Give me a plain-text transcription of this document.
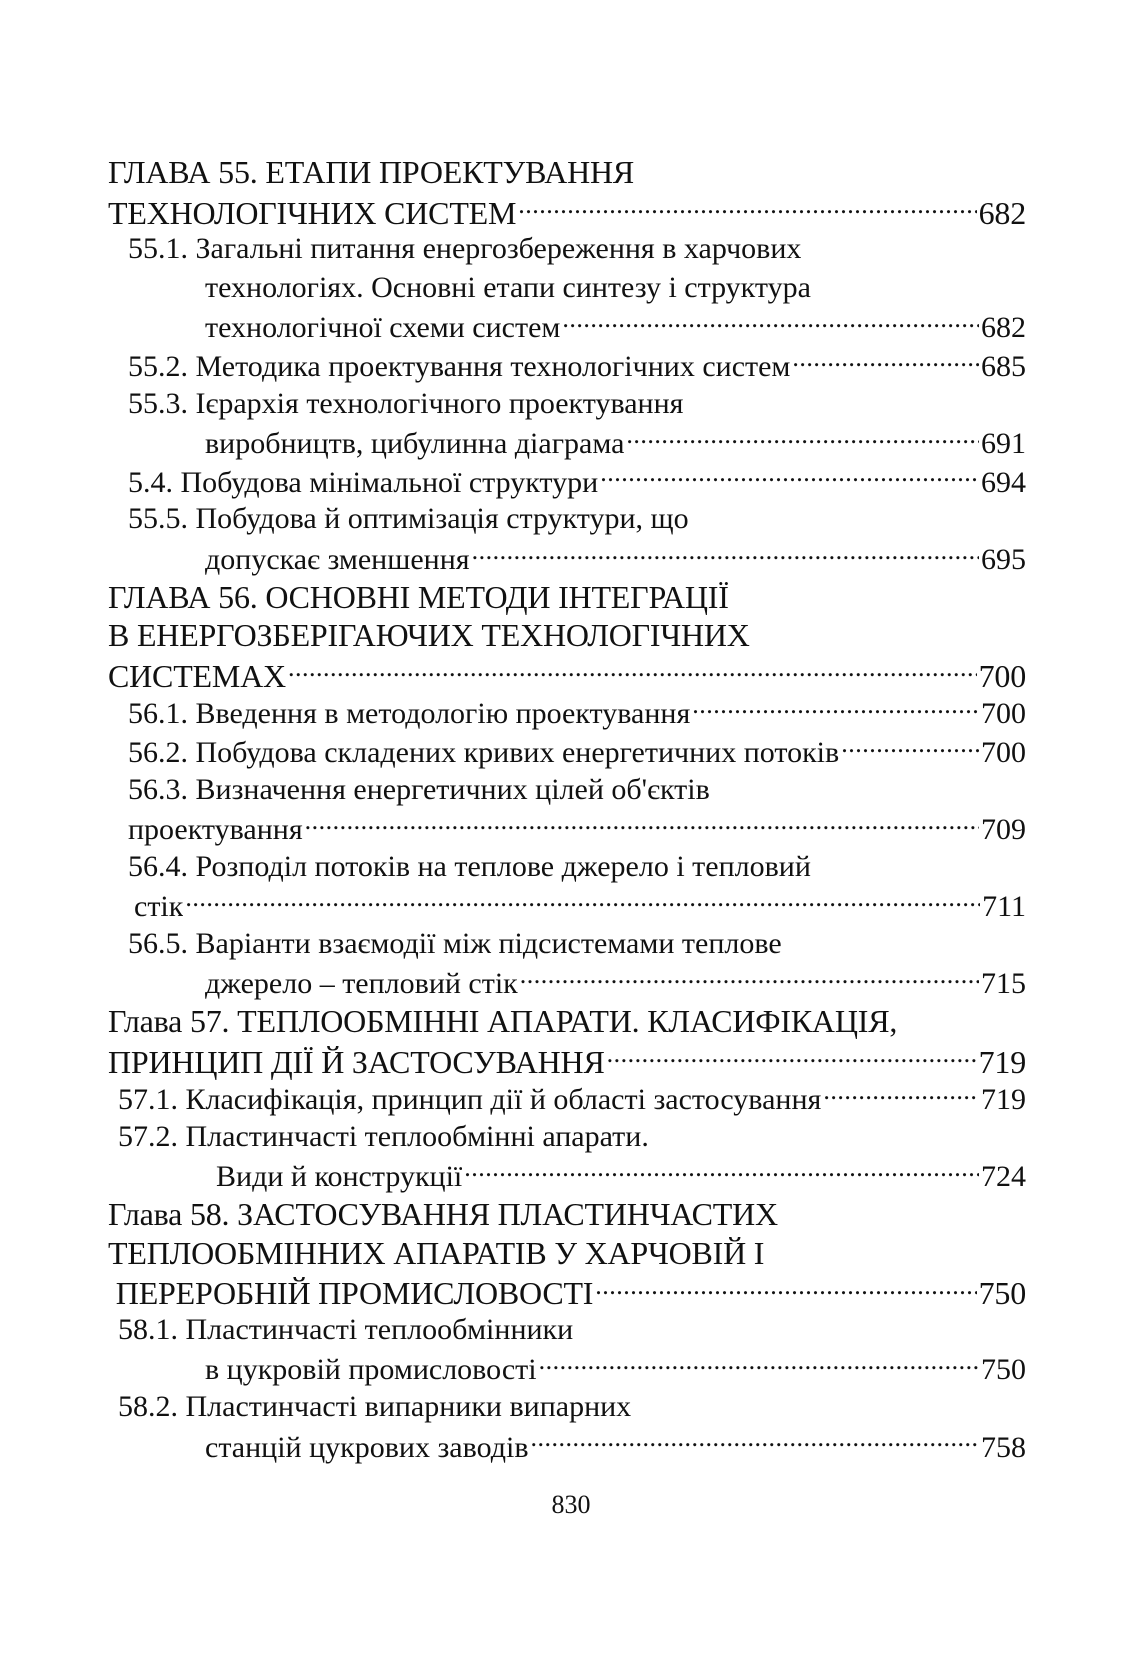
ГЛАВА 55. ЕТАПИ ПРОЕКТУВАННЯ
ТЕХНОЛОГІЧНИХ СИСТЕМ .....	682
55.1. Загальні питання енергозбереження в харчових
технологіях. Основні етапи синтезу і структура
технологічної схеми систем .....	682
55.2. Методика проектування технологічних систем .....	685
55.3. Ієрархія технологічного проектування
виробництв, цибулинна діаграма .....	691
5.4. Побудова мінімальної структури .....	694
55.5. Побудова й оптимізація структури, що
допускає зменшення .....	695
ГЛАВА 56. ОСНОВНІ МЕТОДИ ІНТЕГРАЦІЇ
В ЕНЕРГОЗБЕРІГАЮЧИХ ТЕХНОЛОГІЧНИХ
СИСТЕМАХ .....	700
56.1. Введення в методологію проектування .....	700
56.2. Побудова складених кривих енергетичних потоків .....	700
56.3. Визначення енергетичних цілей об'єктів
проектування .....	709
56.4. Розподіл потоків на теплове джерело і тепловий
стік .....	711
56.5. Варіанти взаємодії між підсистемами теплове
джерело – тепловий стік .....	715
Глава 57. ТЕПЛООБМІННІ АПАРАТИ. КЛАСИФІКАЦІЯ,
ПРИНЦИП ДІЇ Й ЗАСТОСУВАННЯ .....	719
57.1. Класифікація, принцип дії й області застосування .....	719
57.2. Пластинчасті теплообмінні апарати.
Види й конструкції .....	724
Глава 58. ЗАСТОСУВАННЯ ПЛАСТИНЧАСТИХ
ТЕПЛООБМІННИХ АПАРАТІВ У ХАРЧОВІЙ І
ПЕРЕРОБНІЙ ПРОМИСЛОВОСТІ .....	750
58.1. Пластинчасті теплообмінники
в цукровій промисловості .....	750
58.2. Пластинчасті випарники випарних
станцій цукрових заводів .....	758
830
